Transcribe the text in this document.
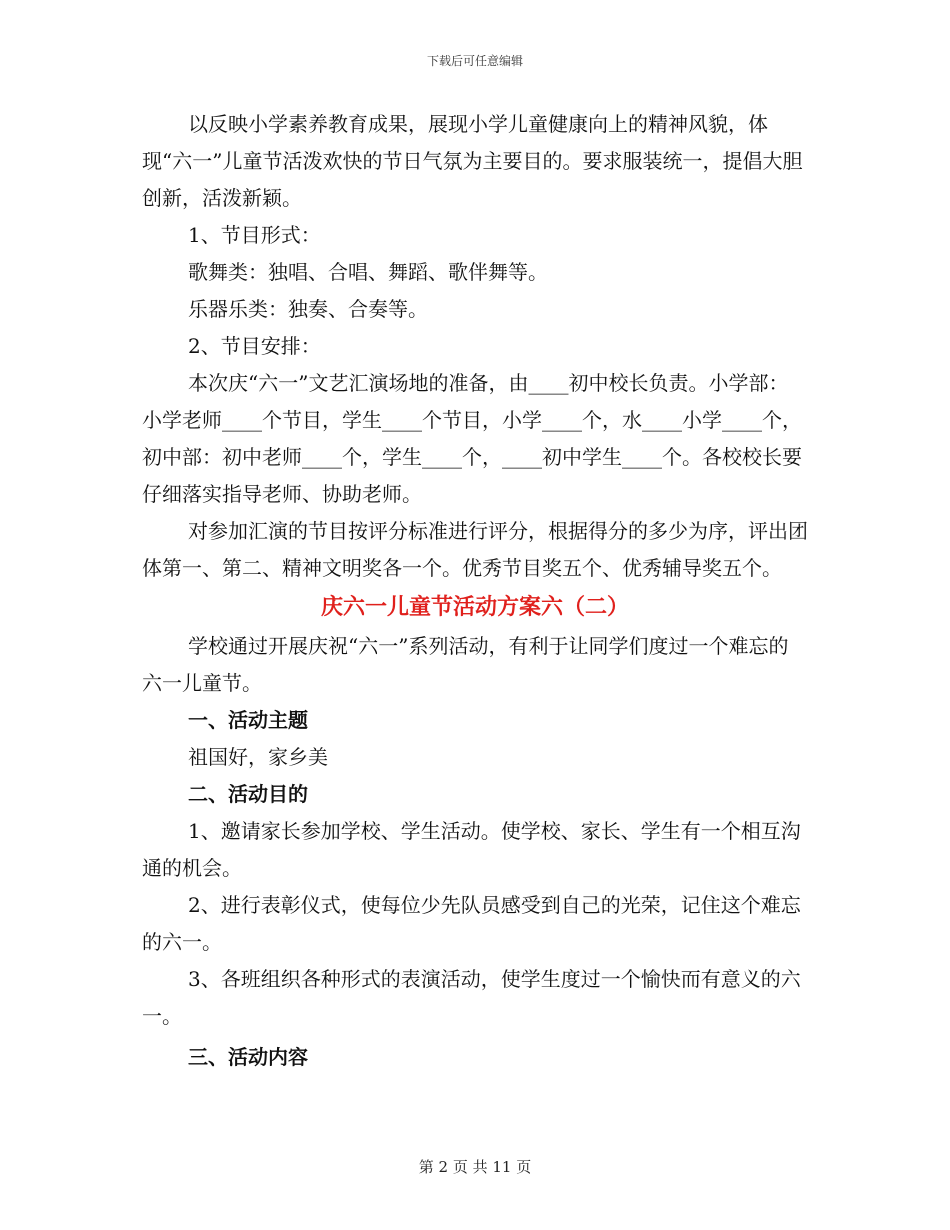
下载后可任意编辑

以反映小学素养教育成果，展现小学儿童健康向上的精神风貌，体现“六一”儿童节活泼欢快的节日气氛为主要目的。要求服装统一，提倡大胆创新，活泼新颖。

1、节目形式：

歌舞类：独唱、合唱、舞蹈、歌伴舞等。

乐器乐类：独奏、合奏等。

2、节目安排：

本次庆“六一”文艺汇演场地的准备，由____初中校长负责。小学部：小学老师____个节目，学生____个节目，小学____个，水____小学____个，初中部：初中老师____个，学生____个，____初中学生____个。各校校长要仔细落实指导老师、协助老师。

对参加汇演的节目按评分标准进行评分，根据得分的多少为序，评出团体第一、第二、精神文明奖各一个。优秀节目奖五个、优秀辅导奖五个。

庆六一儿童节活动方案六（二）

学校通过开展庆祝“六一”系列活动，有利于让同学们度过一个难忘的六一儿童节。

一、活动主题

祖国好，家乡美

二、活动目的

1、邀请家长参加学校、学生活动。使学校、家长、学生有一个相互沟通的机会。

2、进行表彰仪式，使每位少先队员感受到自己的光荣，记住这个难忘的六一。

3、各班组织各种形式的表演活动，使学生度过一个愉快而有意义的六一。

三、活动内容
第 2 页 共 11 页
